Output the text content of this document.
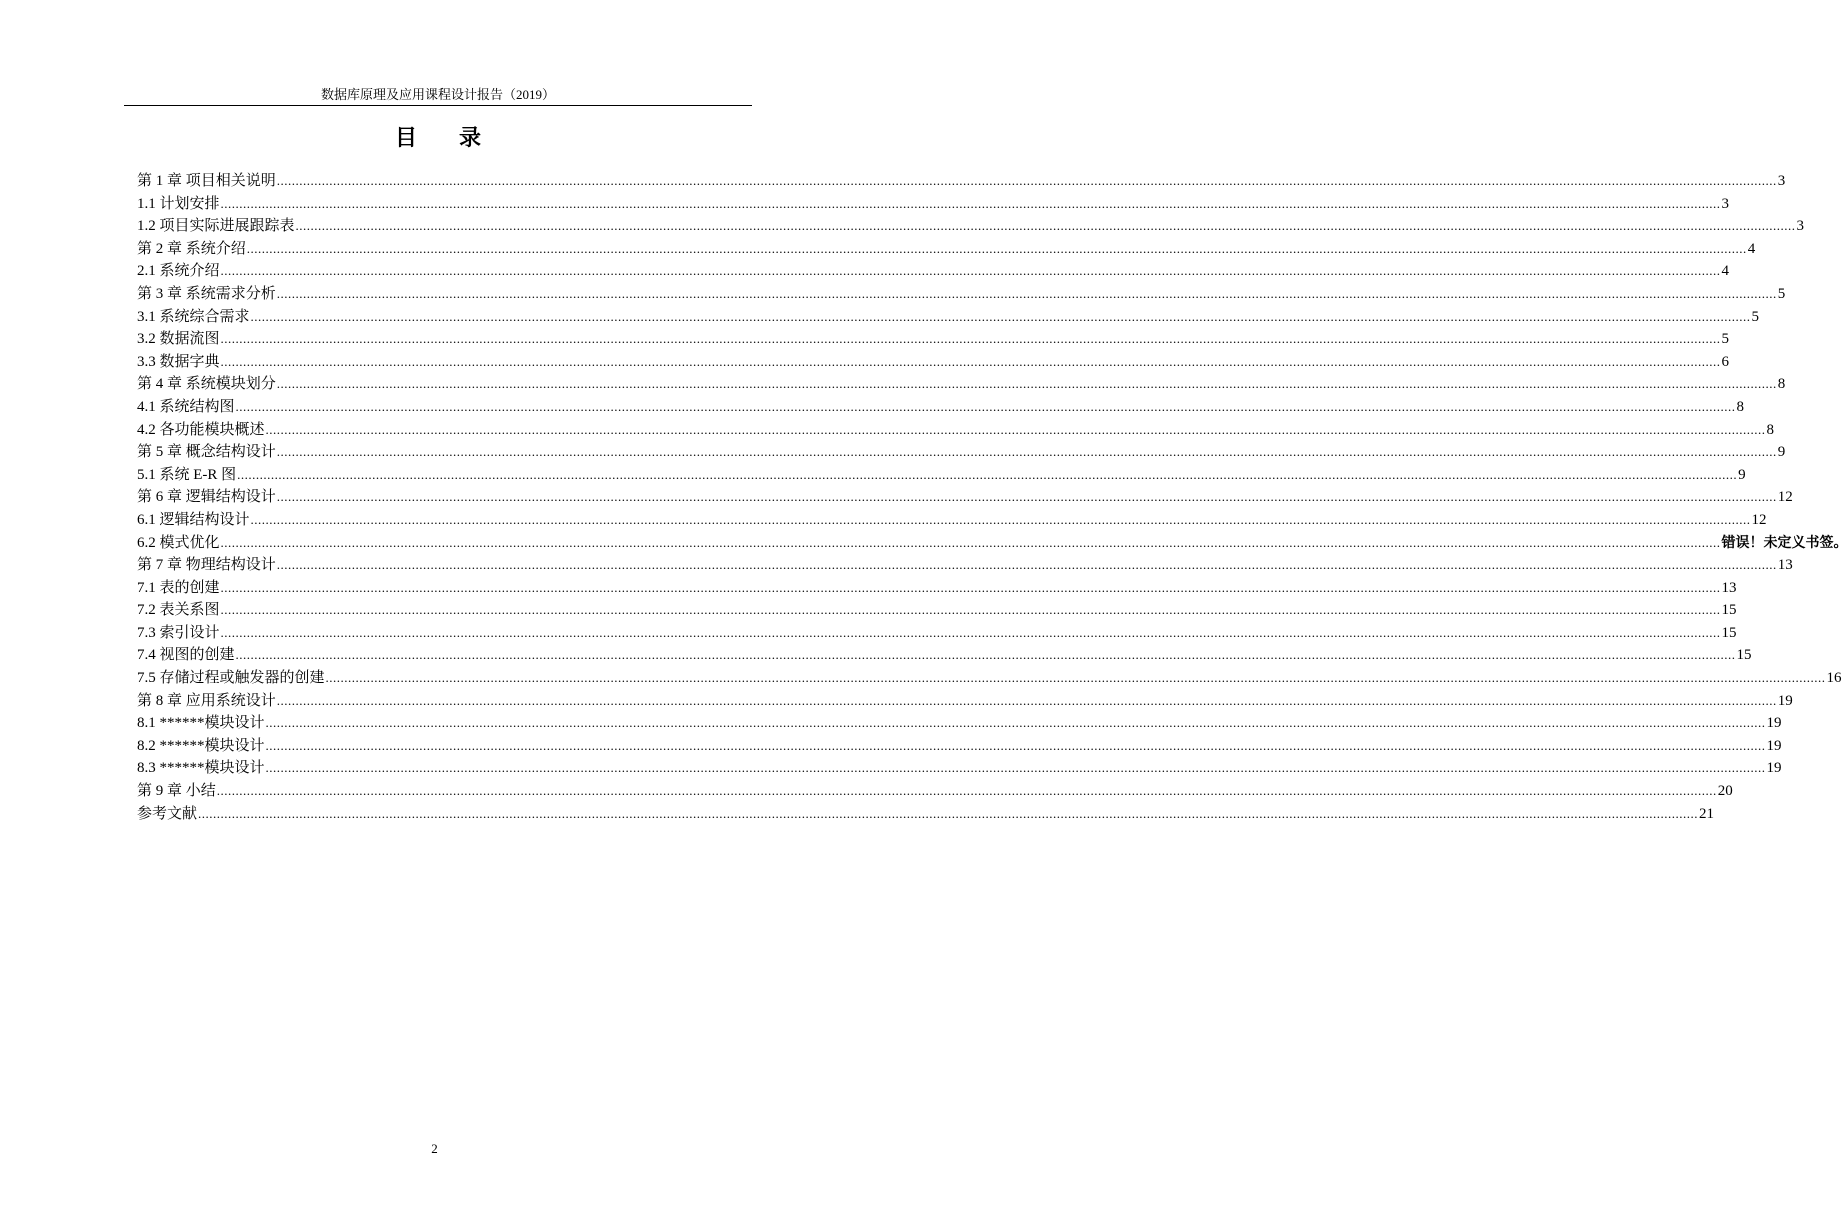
数据库原理及应用课程设计报告（2019）
目 录
第 1 章 项目相关说明 ................................................................................................................................................................................................................................................................................................................................................................................................................ 3
1.1 计划安排 ................................................................................................................................................................................................................................................................................................................................................................................................................ 3
1.2 项目实际进展跟踪表 ................................................................................................................................................................................................................................................................................................................................................................................................................ 3
第 2 章 系统介绍 ................................................................................................................................................................................................................................................................................................................................................................................................................ 4
2.1 系统介绍 ................................................................................................................................................................................................................................................................................................................................................................................................................ 4
第 3 章 系统需求分析 ................................................................................................................................................................................................................................................................................................................................................................................................................ 5
3.1 系统综合需求 ................................................................................................................................................................................................................................................................................................................................................................................................................ 5
3.2 数据流图 ................................................................................................................................................................................................................................................................................................................................................................................................................ 5
3.3 数据字典 ................................................................................................................................................................................................................................................................................................................................................................................................................ 6
第 4 章 系统模块划分 ................................................................................................................................................................................................................................................................................................................................................................................................................ 8
4.1 系统结构图 ................................................................................................................................................................................................................................................................................................................................................................................................................ 8
4.2 各功能模块概述 ................................................................................................................................................................................................................................................................................................................................................................................................................ 8
第 5 章 概念结构设计 ................................................................................................................................................................................................................................................................................................................................................................................................................ 9
5.1 系统 E-R 图 ................................................................................................................................................................................................................................................................................................................................................................................................................ 9
第 6 章 逻辑结构设计 ................................................................................................................................................................................................................................................................................................................................................................................................................ 12
6.1 逻辑结构设计 ................................................................................................................................................................................................................................................................................................................................................................................................................ 12
6.2 模式优化 ................................................................................................................................................................................................................................................................................................................................................................................................................ 错误！未定义书签。
第 7 章 物理结构设计 ................................................................................................................................................................................................................................................................................................................................................................................................................ 13
7.1 表的创建 ................................................................................................................................................................................................................................................................................................................................................................................................................ 13
7.2 表关系图 ................................................................................................................................................................................................................................................................................................................................................................................................................ 15
7.3 索引设计 ................................................................................................................................................................................................................................................................................................................................................................................................................ 15
7.4 视图的创建 ................................................................................................................................................................................................................................................................................................................................................................................................................ 15
7.5 存储过程或触发器的创建 ................................................................................................................................................................................................................................................................................................................................................................................................................ 16
第 8 章 应用系统设计 ................................................................................................................................................................................................................................................................................................................................................................................................................ 19
8.1 ******模块设计 ................................................................................................................................................................................................................................................................................................................................................................................................................ 19
8.2 ******模块设计 ................................................................................................................................................................................................................................................................................................................................................................................................................ 19
8.3 ******模块设计 ................................................................................................................................................................................................................................................................................................................................................................................................................ 19
第 9 章 小结 ................................................................................................................................................................................................................................................................................................................................................................................................................ 20
参考文献 ................................................................................................................................................................................................................................................................................................................................................................................................................ 21
2
